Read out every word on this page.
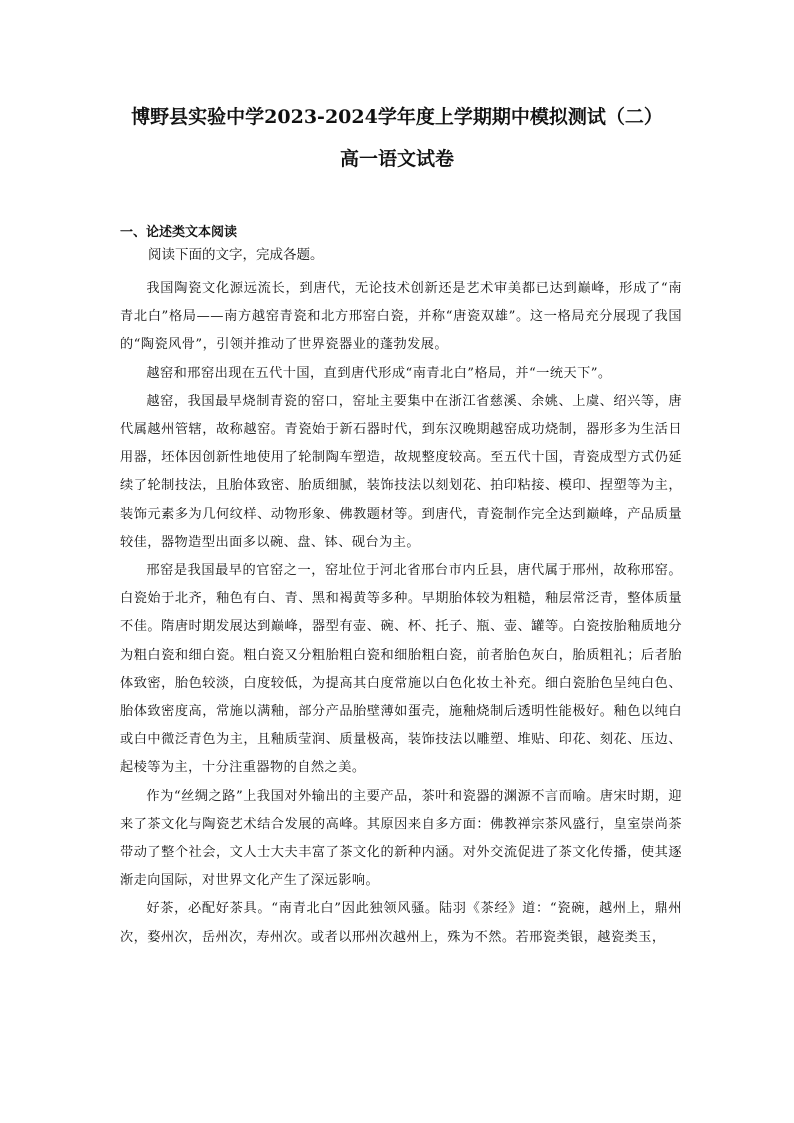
博野县实验中学2023-2024学年度上学期期中模拟测试（二）
高一语文试卷
一、论述类文本阅读
阅读下面的文字，完成各题。

我国陶瓷文化源远流长，到唐代，无论技术创新还是艺术审美都已达到巅峰，形成了“南青北白”格局——南方越窑青瓷和北方邢窑白瓷，并称“唐瓷双雄”。这一格局充分展现了我国的“陶瓷风骨”，引领并推动了世界瓷器业的蓬勃发展。

越窑和邢窑出现在五代十国，直到唐代形成“南青北白”格局，并“一统天下”。

越窑，我国最早烧制青瓷的窑口，窑址主要集中在浙江省慈溪、余姚、上虞、绍兴等，唐代属越州管辖，故称越窑。青瓷始于新石器时代，到东汉晚期越窑成功烧制，器形多为生活日用器，坯体因创新性地使用了轮制陶车塑造，故规整度较高。至五代十国，青瓷成型方式仍延续了轮制技法，且胎体致密、胎质细腻，装饰技法以刻划花、拍印粘接、模印、捏塑等为主，装饰元素多为几何纹样、动物形象、佛教题材等。到唐代，青瓷制作完全达到巅峰，产品质量较佳，器物造型出面多以碗、盘、钵、砚台为主。

邢窑是我国最早的官窑之一，窑址位于河北省邢台市内丘县，唐代属于邢州，故称邢窑。白瓷始于北齐，釉色有白、青、黑和褐黄等多种。早期胎体较为粗糙，釉层常泛青，整体质量不佳。隋唐时期发展达到巅峰，器型有壶、碗、杯、托子、瓶、壶、罐等。白瓷按胎釉质地分为粗白瓷和细白瓷。粗白瓷又分粗胎粗白瓷和细胎粗白瓷，前者胎色灰白，胎质粗礼；后者胎体致密，胎色较淡，白度较低，为提高其白度常施以白色化妆土补充。细白瓷胎色呈纯白色、胎体致密度高，常施以满釉，部分产品胎壁薄如蛋壳，施釉烧制后透明性能极好。釉色以纯白或白中微泛青色为主，且釉质莹润、质量极高，装饰技法以雕塑、堆贴、印花、刻花、压边、起棱等为主，十分注重器物的自然之美。

作为“丝绸之路”上我国对外输出的主要产品，茶叶和瓷器的渊源不言而喻。唐宋时期，迎来了茶文化与陶瓷艺术结合发展的高峰。其原因来自多方面：佛教禅宗茶风盛行，皇室崇尚茶带动了整个社会，文人士大夫丰富了茶文化的新种内涵。对外交流促进了茶文化传播，使其逐渐走向国际，对世界文化产生了深远影响。

好茶，必配好茶具。“南青北白”因此独领风骚。陆羽《茶经》道：“瓷碗，越州上，鼎州次，婺州次，岳州次，寿州次。或者以邢州次越州上，殊为不然。若邢瓷类银，越瓷类玉，
